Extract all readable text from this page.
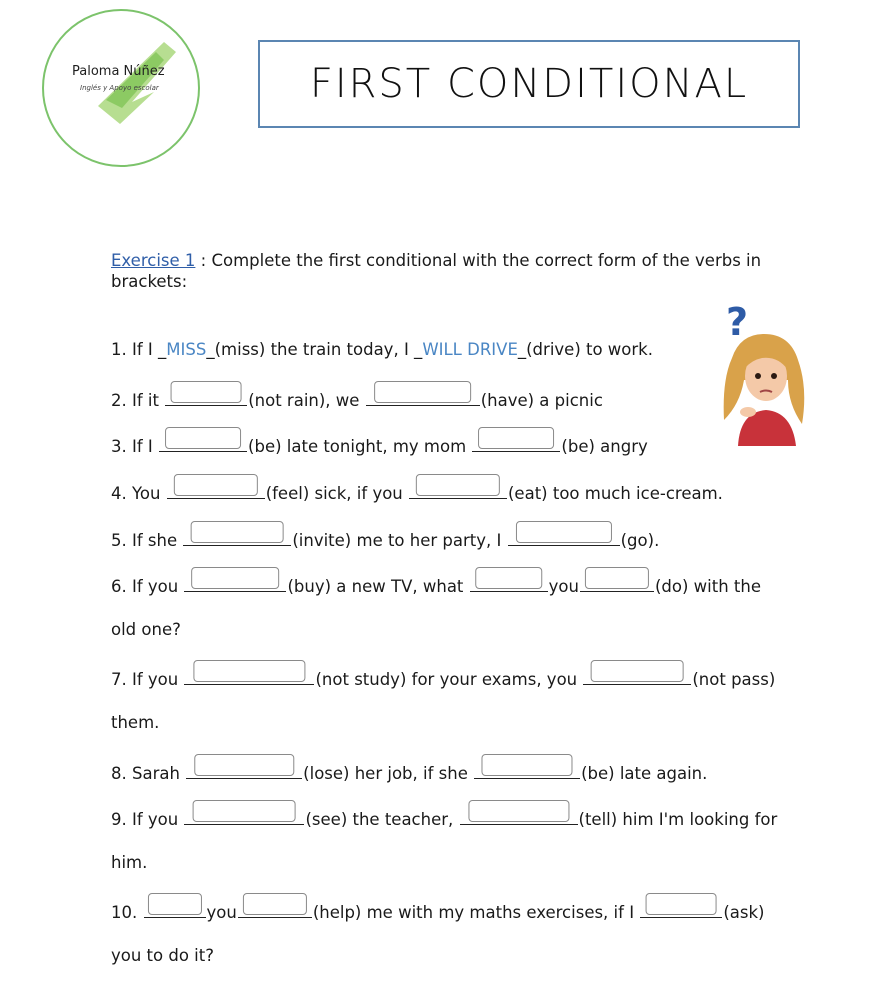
Paloma Núñez
Inglés y Apoyo escolar	FIRST CONDITIONAL
Exercise 1 : Complete the first conditional with the correct form of the verbs in brackets:
?
1. If I _MISS_(miss) the train today, I _WILL DRIVE_(drive) to work.
2. If it	(not rain), we	(have) a picnic
3. If I	(be) late tonight, my mom	(be) angry
4. You	(feel) sick, if you	(eat) too much ice-cream.
5. If she	(invite) me to her party, I	(go).
6. If you	(buy) a new TV, what	you	(do) with the
old one?
7. If you	(not study) for your exams, you	(not pass)
them.
8. Sarah	(lose) her job, if she	(be) late again.
9. If you	(see) the teacher,	(tell) him I'm looking for
him.
10.	you	(help) me with my maths exercises, if I	(ask)
you to do it?
